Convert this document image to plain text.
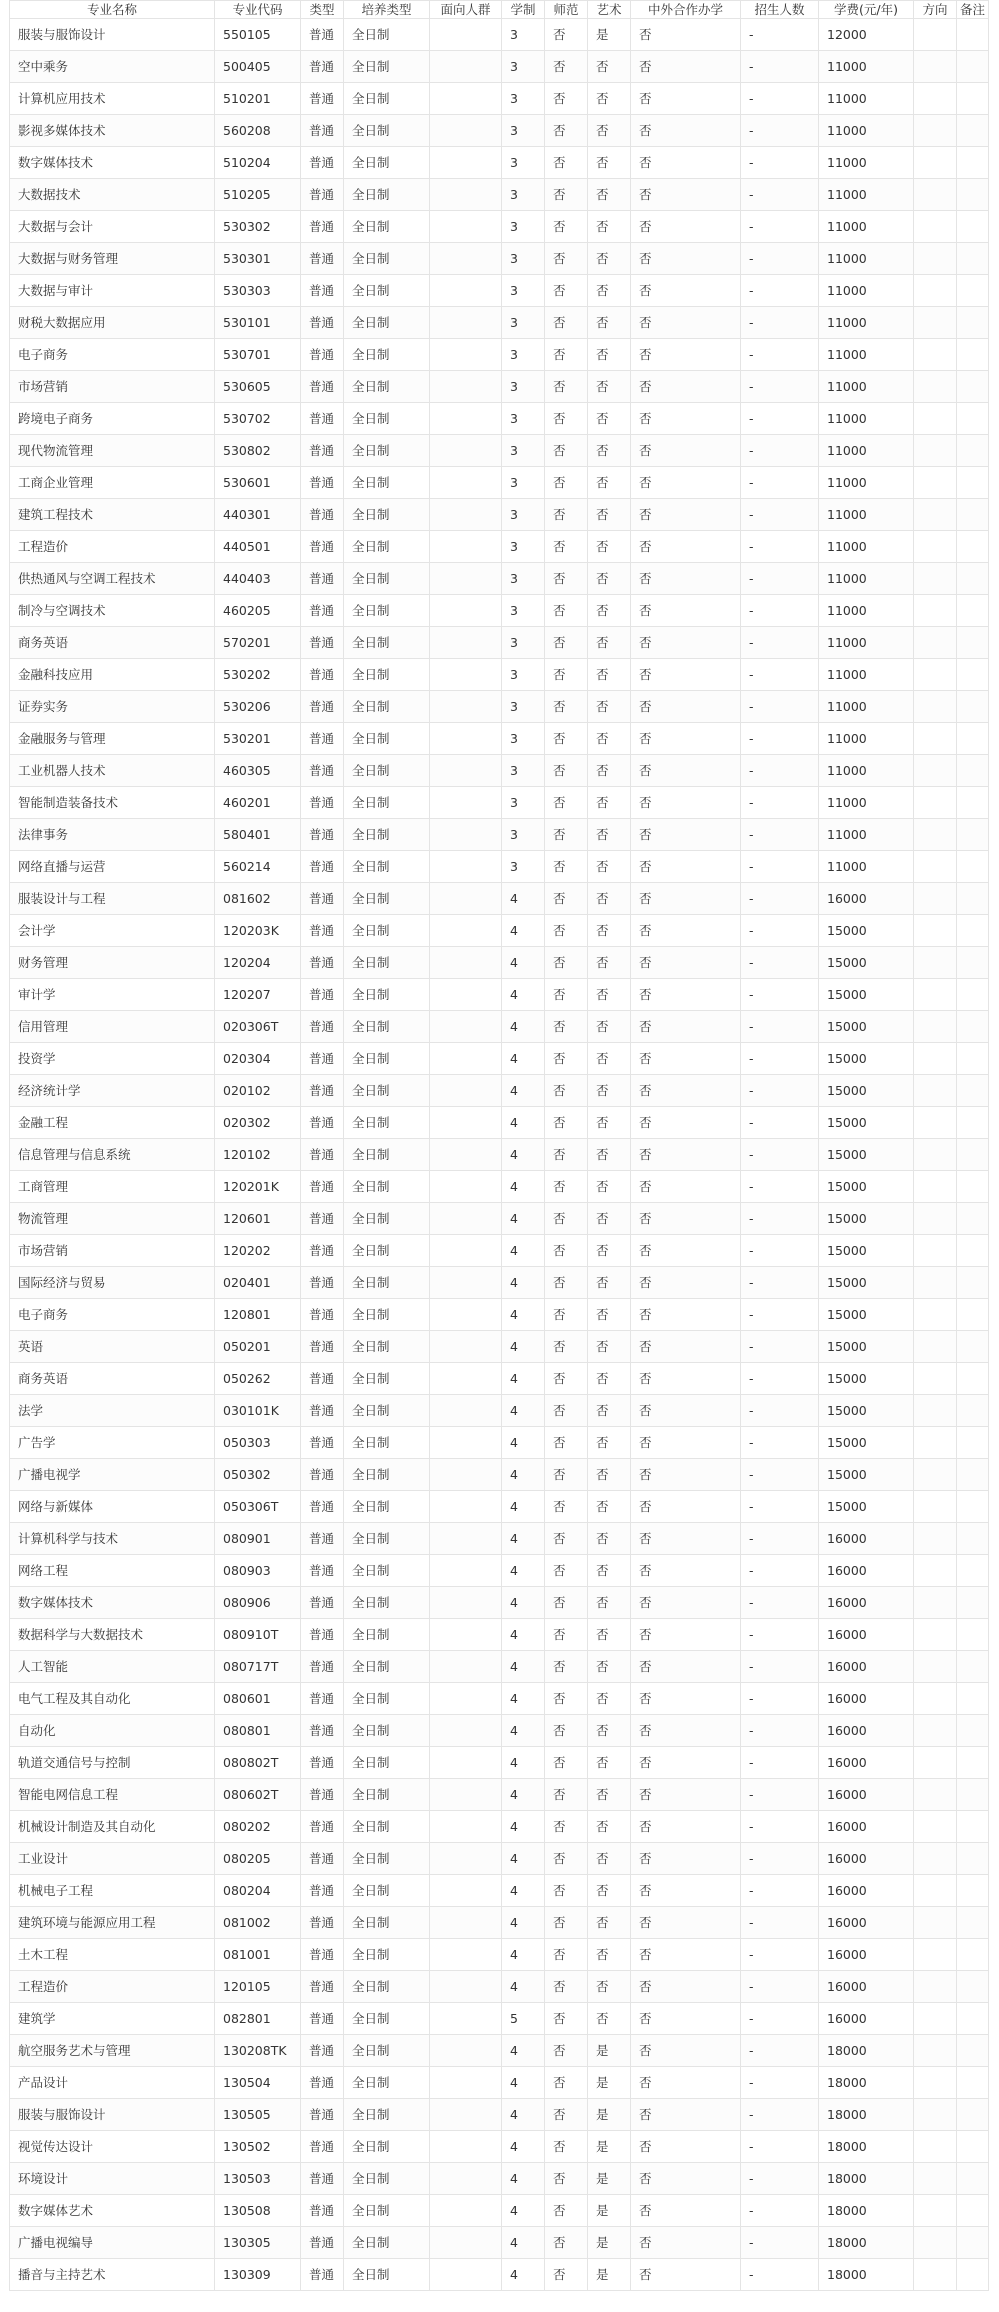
专业名称	专业代码	类型	培养类型	面向人群	学制	师范	艺术	中外合作办学	招生人数	学费(元/年)	方向	备注
服装与服饰设计	550105	普通	全日制		3	否	是	否	-	12000		
空中乘务	500405	普通	全日制		3	否	否	否	-	11000		
计算机应用技术	510201	普通	全日制		3	否	否	否	-	11000		
影视多媒体技术	560208	普通	全日制		3	否	否	否	-	11000		
数字媒体技术	510204	普通	全日制		3	否	否	否	-	11000		
大数据技术	510205	普通	全日制		3	否	否	否	-	11000		
大数据与会计	530302	普通	全日制		3	否	否	否	-	11000		
大数据与财务管理	530301	普通	全日制		3	否	否	否	-	11000		
大数据与审计	530303	普通	全日制		3	否	否	否	-	11000		
财税大数据应用	530101	普通	全日制		3	否	否	否	-	11000		
电子商务	530701	普通	全日制		3	否	否	否	-	11000		
市场营销	530605	普通	全日制		3	否	否	否	-	11000		
跨境电子商务	530702	普通	全日制		3	否	否	否	-	11000		
现代物流管理	530802	普通	全日制		3	否	否	否	-	11000		
工商企业管理	530601	普通	全日制		3	否	否	否	-	11000		
建筑工程技术	440301	普通	全日制		3	否	否	否	-	11000		
工程造价	440501	普通	全日制		3	否	否	否	-	11000		
供热通风与空调工程技术	440403	普通	全日制		3	否	否	否	-	11000		
制冷与空调技术	460205	普通	全日制		3	否	否	否	-	11000		
商务英语	570201	普通	全日制		3	否	否	否	-	11000		
金融科技应用	530202	普通	全日制		3	否	否	否	-	11000		
证券实务	530206	普通	全日制		3	否	否	否	-	11000		
金融服务与管理	530201	普通	全日制		3	否	否	否	-	11000		
工业机器人技术	460305	普通	全日制		3	否	否	否	-	11000		
智能制造装备技术	460201	普通	全日制		3	否	否	否	-	11000		
法律事务	580401	普通	全日制		3	否	否	否	-	11000		
网络直播与运营	560214	普通	全日制		3	否	否	否	-	11000		
服装设计与工程	081602	普通	全日制		4	否	否	否	-	16000		
会计学	120203K	普通	全日制		4	否	否	否	-	15000		
财务管理	120204	普通	全日制		4	否	否	否	-	15000		
审计学	120207	普通	全日制		4	否	否	否	-	15000		
信用管理	020306T	普通	全日制		4	否	否	否	-	15000		
投资学	020304	普通	全日制		4	否	否	否	-	15000		
经济统计学	020102	普通	全日制		4	否	否	否	-	15000		
金融工程	020302	普通	全日制		4	否	否	否	-	15000		
信息管理与信息系统	120102	普通	全日制		4	否	否	否	-	15000		
工商管理	120201K	普通	全日制		4	否	否	否	-	15000		
物流管理	120601	普通	全日制		4	否	否	否	-	15000		
市场营销	120202	普通	全日制		4	否	否	否	-	15000		
国际经济与贸易	020401	普通	全日制		4	否	否	否	-	15000		
电子商务	120801	普通	全日制		4	否	否	否	-	15000		
英语	050201	普通	全日制		4	否	否	否	-	15000		
商务英语	050262	普通	全日制		4	否	否	否	-	15000		
法学	030101K	普通	全日制		4	否	否	否	-	15000		
广告学	050303	普通	全日制		4	否	否	否	-	15000		
广播电视学	050302	普通	全日制		4	否	否	否	-	15000		
网络与新媒体	050306T	普通	全日制		4	否	否	否	-	15000		
计算机科学与技术	080901	普通	全日制		4	否	否	否	-	16000		
网络工程	080903	普通	全日制		4	否	否	否	-	16000		
数字媒体技术	080906	普通	全日制		4	否	否	否	-	16000		
数据科学与大数据技术	080910T	普通	全日制		4	否	否	否	-	16000		
人工智能	080717T	普通	全日制		4	否	否	否	-	16000		
电气工程及其自动化	080601	普通	全日制		4	否	否	否	-	16000		
自动化	080801	普通	全日制		4	否	否	否	-	16000		
轨道交通信号与控制	080802T	普通	全日制		4	否	否	否	-	16000		
智能电网信息工程	080602T	普通	全日制		4	否	否	否	-	16000		
机械设计制造及其自动化	080202	普通	全日制		4	否	否	否	-	16000		
工业设计	080205	普通	全日制		4	否	否	否	-	16000		
机械电子工程	080204	普通	全日制		4	否	否	否	-	16000		
建筑环境与能源应用工程	081002	普通	全日制		4	否	否	否	-	16000		
土木工程	081001	普通	全日制		4	否	否	否	-	16000		
工程造价	120105	普通	全日制		4	否	否	否	-	16000		
建筑学	082801	普通	全日制		5	否	否	否	-	16000		
航空服务艺术与管理	130208TK	普通	全日制		4	否	是	否	-	18000		
产品设计	130504	普通	全日制		4	否	是	否	-	18000		
服装与服饰设计	130505	普通	全日制		4	否	是	否	-	18000		
视觉传达设计	130502	普通	全日制		4	否	是	否	-	18000		
环境设计	130503	普通	全日制		4	否	是	否	-	18000		
数字媒体艺术	130508	普通	全日制		4	否	是	否	-	18000		
广播电视编导	130305	普通	全日制		4	否	是	否	-	18000		
播音与主持艺术	130309	普通	全日制		4	否	是	否	-	18000		
